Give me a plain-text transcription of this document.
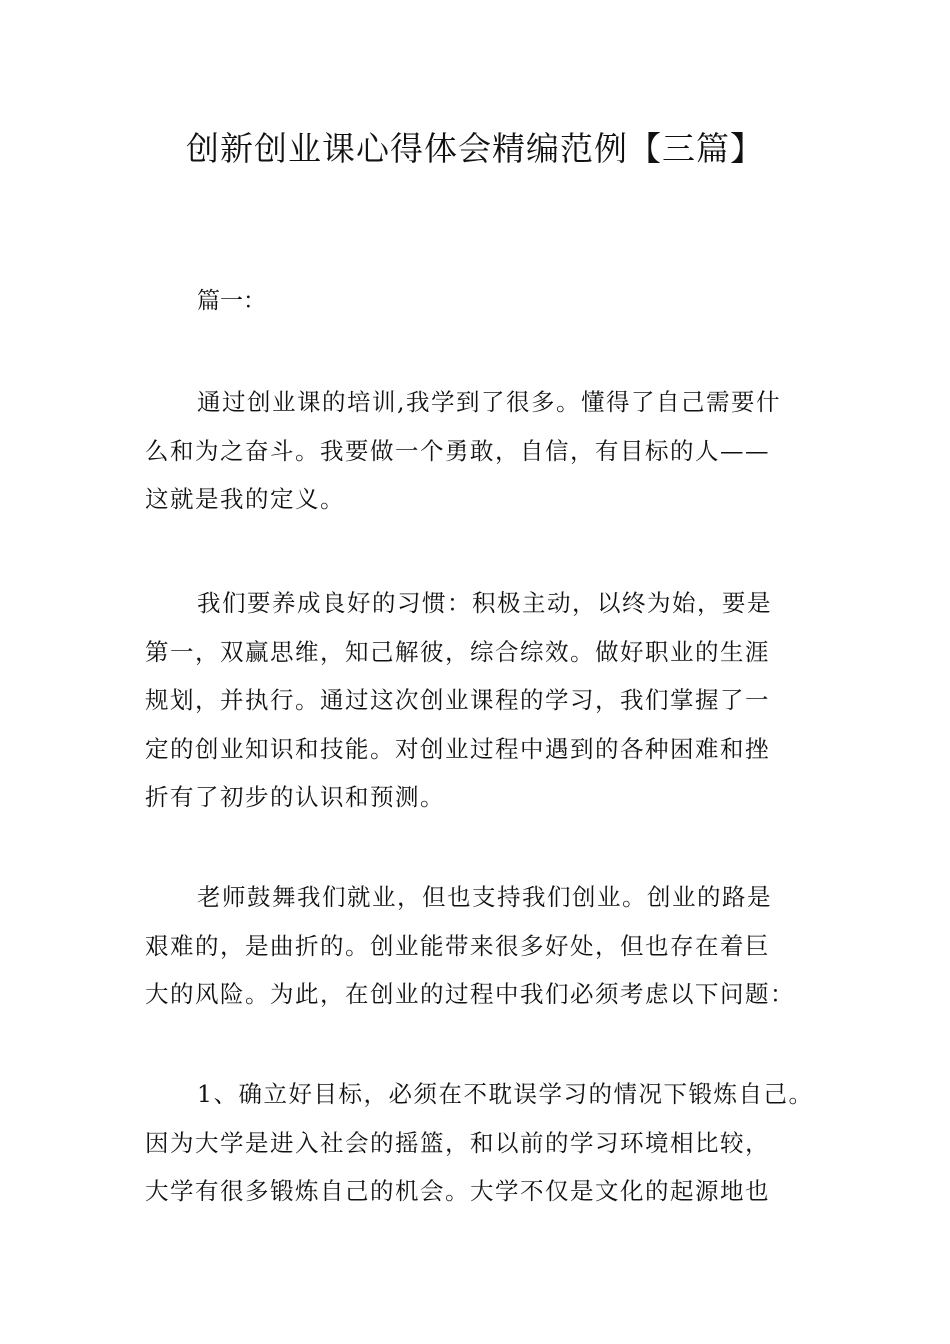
创新创业课心得体会精编范例【三篇】

篇一：

通过创业课的培训,我学到了很多。懂得了自己需要什
么和为之奋斗。我要做一个勇敢，自信，有目标的人——
这就是我的定义。
我们要养成良好的习惯：积极主动，以终为始，要是
第一，双赢思维，知己解彼，综合综效。做好职业的生涯
规划，并执行。通过这次创业课程的学习，我们掌握了一
定的创业知识和技能。对创业过程中遇到的各种困难和挫
折有了初步的认识和预测。
老师鼓舞我们就业，但也支持我们创业。创业的路是
艰难的，是曲折的。创业能带来很多好处，但也存在着巨
大的风险。为此，在创业的过程中我们必须考虑以下问题：
1、确立好目标，必须在不耽误学习的情况下锻炼自己。
因为大学是进入社会的摇篮，和以前的学习环境相比较，
大学有很多锻炼自己的机会。大学不仅是文化的起源地也
